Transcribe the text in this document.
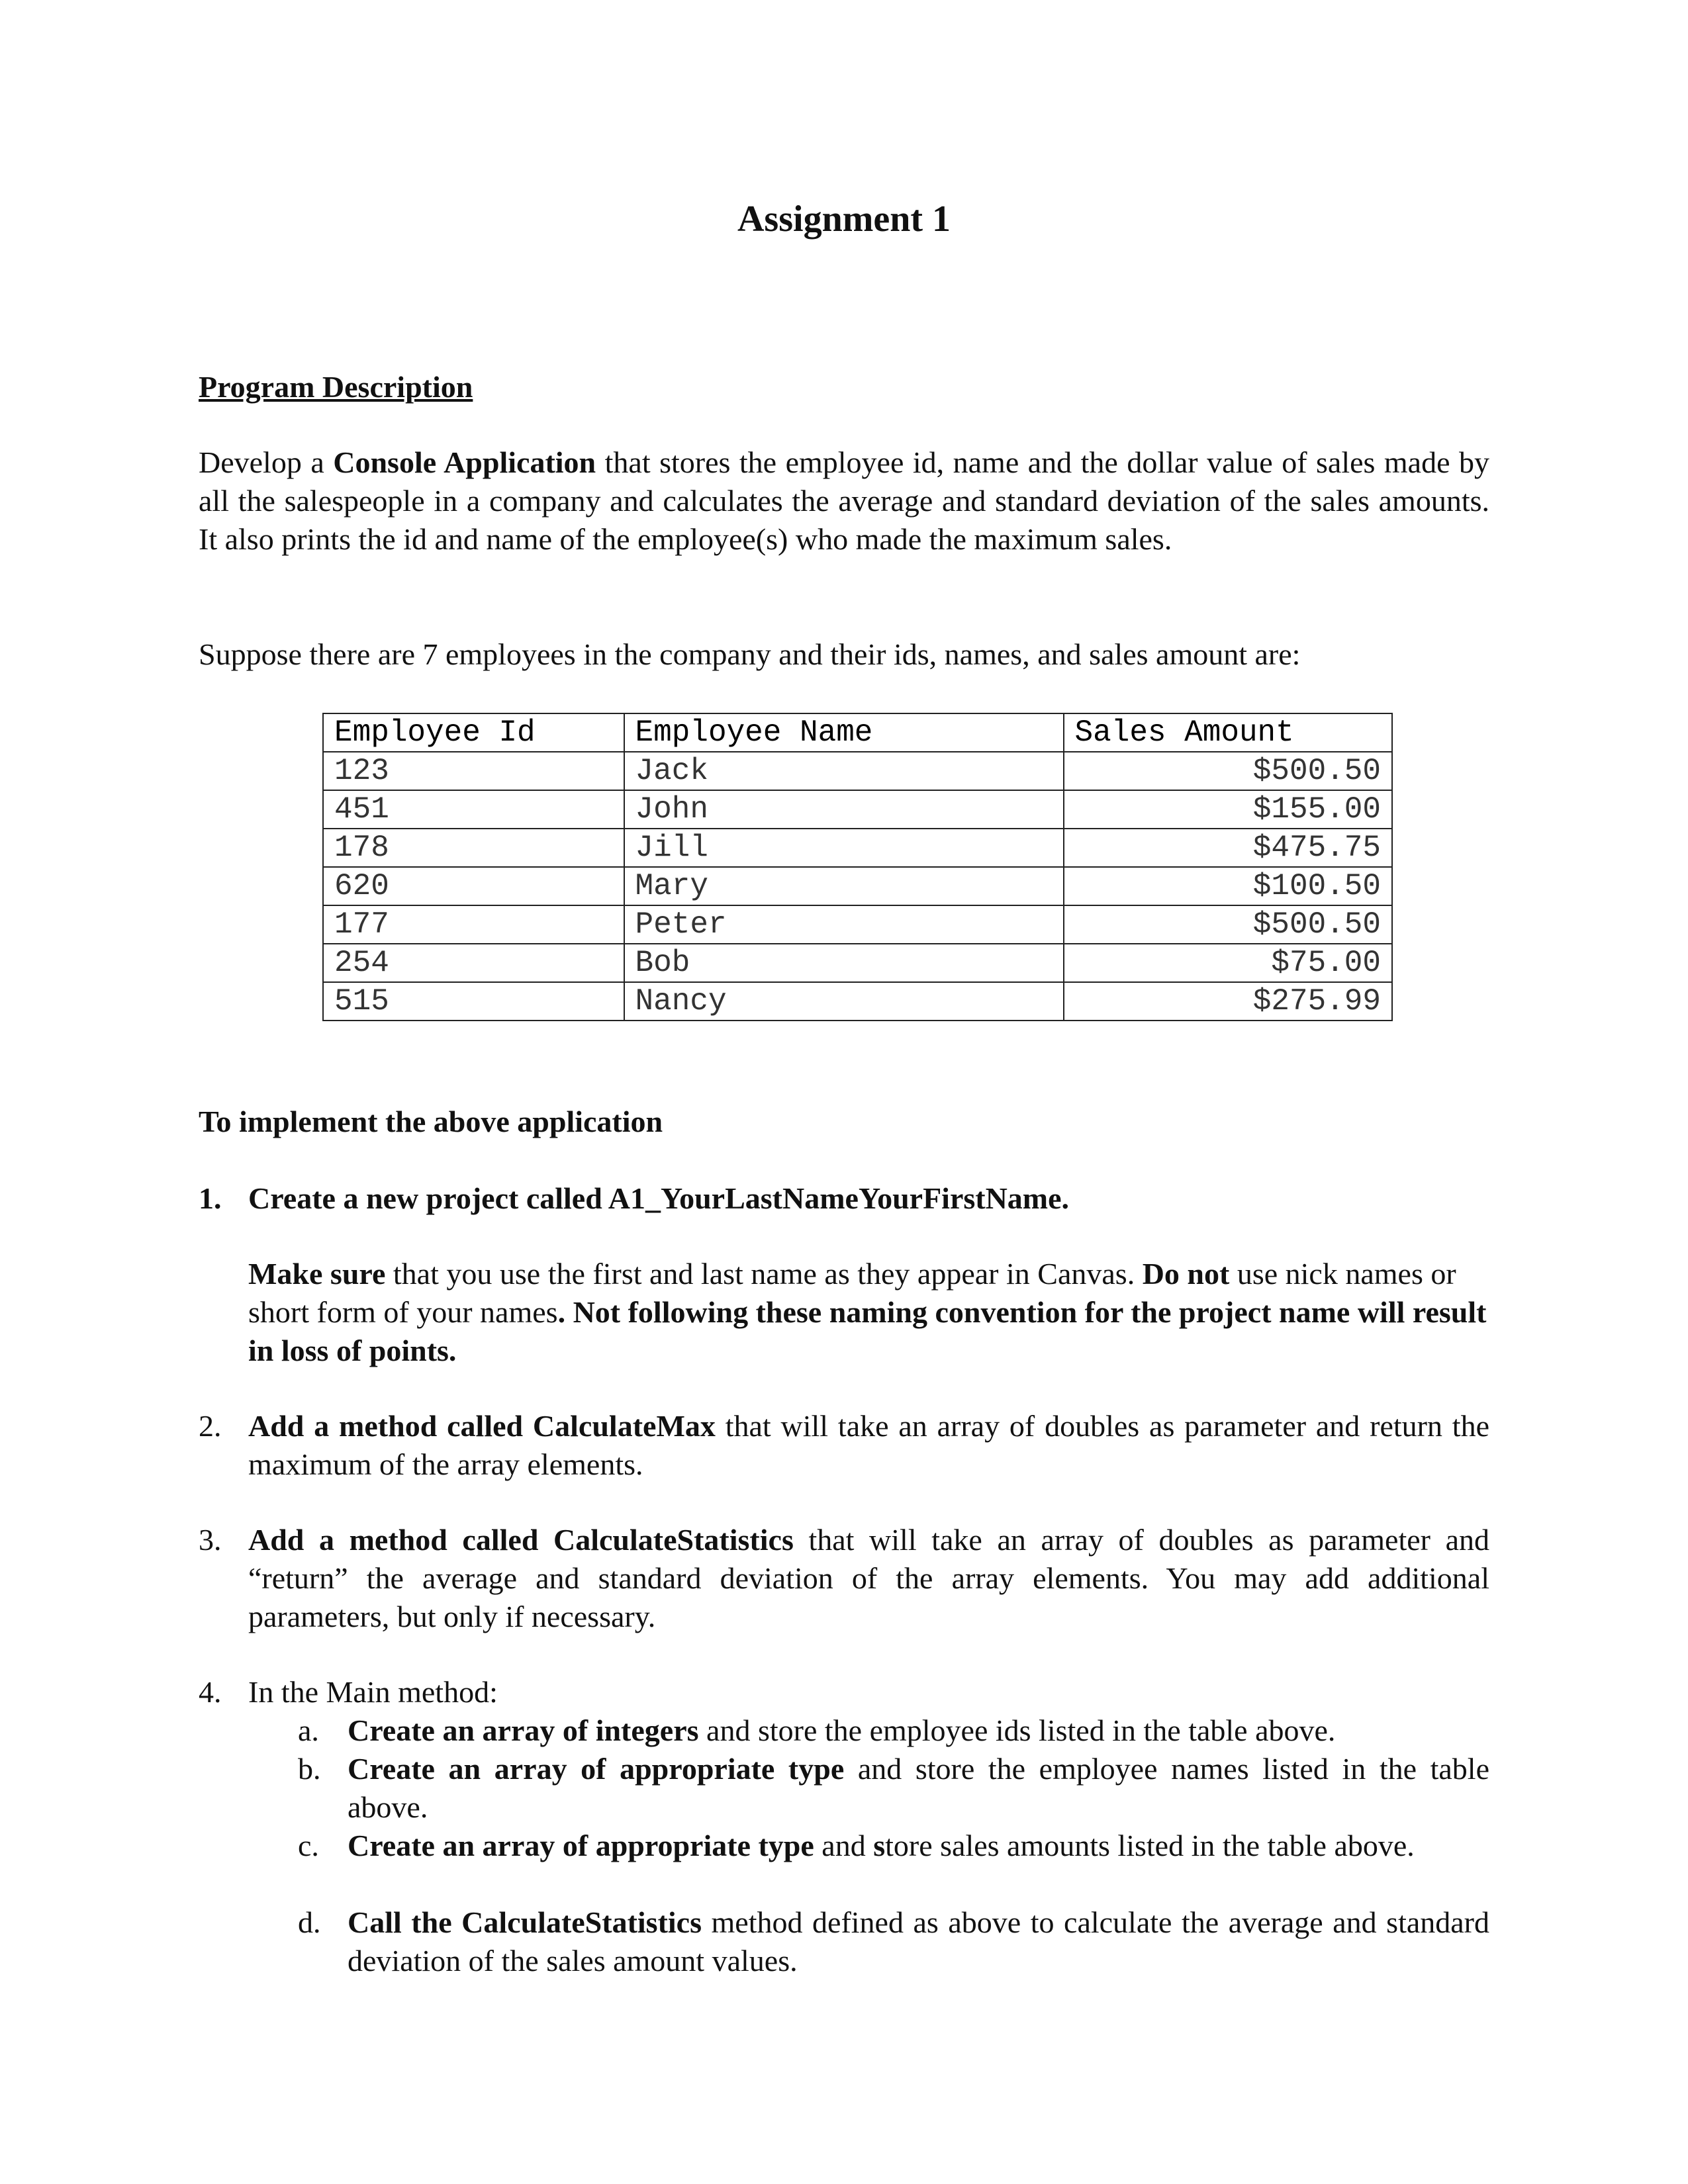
Assignment 1
Program Description
Develop a Console Application that stores the employee id, name and the dollar value of sales made by all the salespeople in a company and calculates the average and standard deviation of the sales amounts. It also prints the id and name of the employee(s) who made the maximum sales.
Suppose there are 7 employees in the company and their ids, names, and sales amount are:
Employee Id	Employee Name	Sales Amount
123	Jack	$500.50
451	John	$155.00
178	Jill	$475.75
620	Mary	$100.50
177	Peter	$500.50
254	Bob	$75.00
515	Nancy	$275.99
To implement the above application
1. Create a new project called A1_YourLastNameYourFirstName.
Make sure that you use the first and last name as they appear in Canvas. Do not use nick names or short form of your names. Not following these naming convention for the project name will result in loss of points.
2. Add a method called CalculateMax that will take an array of doubles as parameter and return the maximum of the array elements.
3. Add a method called CalculateStatistics that will take an array of doubles as parameter and “return” the average and standard deviation of the array elements. You may add additional parameters, but only if necessary.
4. In the Main method:
a. Create an array of integers and store the employee ids listed in the table above.
b. Create an array of appropriate type and store the employee names listed in the table above.
c. Create an array of appropriate type and store sales amounts listed in the table above.
d. Call the CalculateStatistics method defined as above to calculate the average and standard deviation of the sales amount values.
